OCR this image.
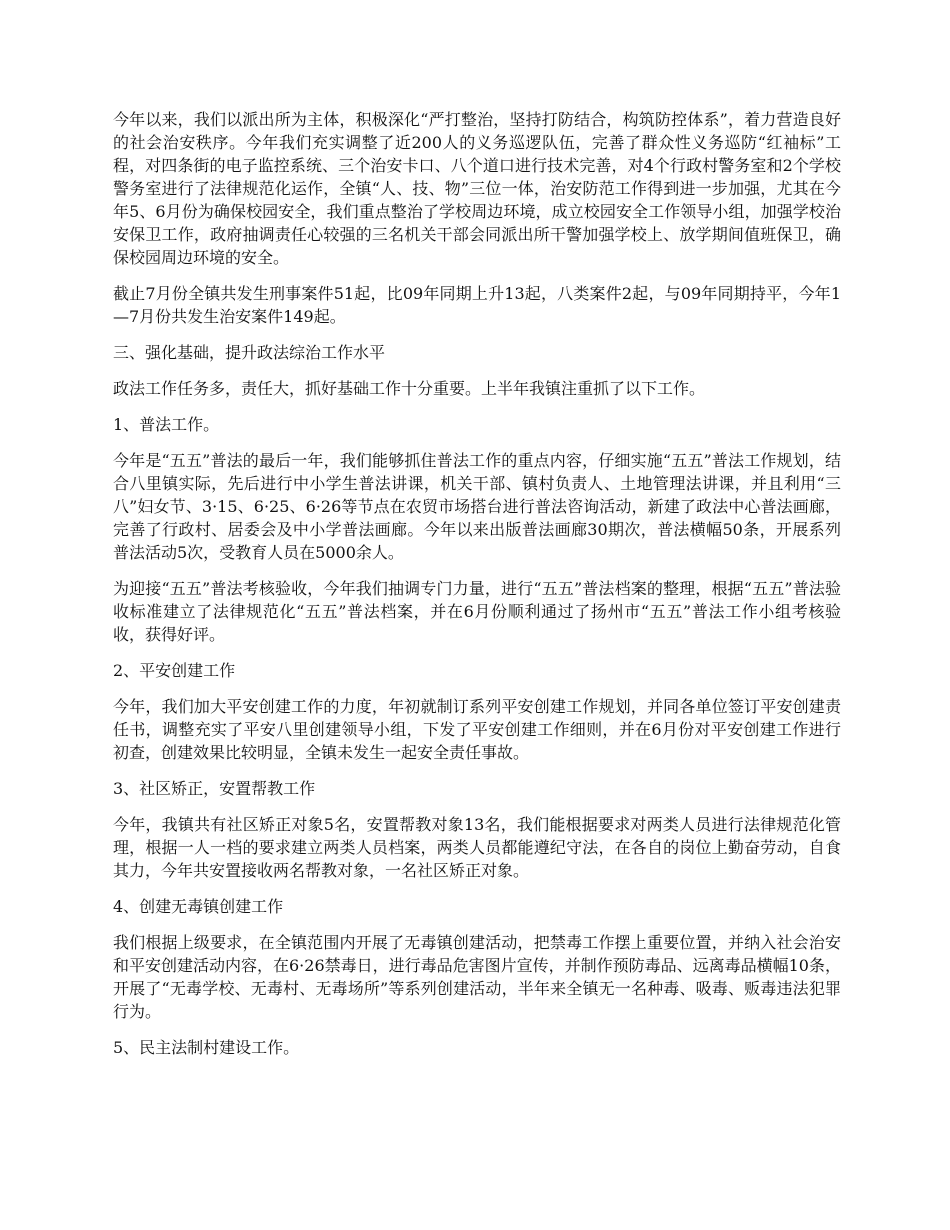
今年以来，我们以派出所为主体，积极深化“严打整治，坚持打防结合，构筑防控体系”，着力营造良好的社会治安秩序。今年我们充实调整了近200人的义务巡逻队伍，完善了群众性义务巡防“红袖标”工程，对四条街的电子监控系统、三个治安卡口、八个道口进行技术完善，对4个行政村警务室和2个学校警务室进行了法律规范化运作，全镇“人、技、物”三位一体，治安防范工作得到进一步加强，尤其在今年5、6月份为确保校园安全，我们重点整治了学校周边环境，成立校园安全工作领导小组，加强学校治安保卫工作，政府抽调责任心较强的三名机关干部会同派出所干警加强学校上、放学期间值班保卫，确保校园周边环境的安全。

截止7月份全镇共发生刑事案件51起，比09年同期上升13起，八类案件2起，与09年同期持平，今年1—7月份共发生治安案件149起。

三、强化基础，提升政法综治工作水平

政法工作任务多，责任大，抓好基础工作十分重要。上半年我镇注重抓了以下工作。

1、普法工作。

今年是“五五”普法的最后一年，我们能够抓住普法工作的重点内容，仔细实施“五五”普法工作规划，结合八里镇实际，先后进行中小学生普法讲课，机关干部、镇村负责人、土地管理法讲课，并且利用“三八”妇女节、3·15、6·25、6·26等节点在农贸市场搭台进行普法咨询活动，新建了政法中心普法画廊，完善了行政村、居委会及中小学普法画廊。今年以来出版普法画廊30期次，普法横幅50条，开展系列普法活动5次，受教育人员在5000余人。

为迎接“五五”普法考核验收，今年我们抽调专门力量，进行“五五”普法档案的整理，根据“五五”普法验收标准建立了法律规范化“五五”普法档案，并在6月份顺利通过了扬州市“五五”普法工作小组考核验收，获得好评。

2、平安创建工作

今年，我们加大平安创建工作的力度，年初就制订系列平安创建工作规划，并同各单位签订平安创建责任书，调整充实了平安八里创建领导小组，下发了平安创建工作细则，并在6月份对平安创建工作进行初查，创建效果比较明显，全镇未发生一起安全责任事故。

3、社区矫正，安置帮教工作

今年，我镇共有社区矫正对象5名，安置帮教对象13名，我们能根据要求对两类人员进行法律规范化管理，根据一人一档的要求建立两类人员档案，两类人员都能遵纪守法，在各自的岗位上勤奋劳动，自食其力，今年共安置接收两名帮教对象，一名社区矫正对象。

4、创建无毒镇创建工作

我们根据上级要求，在全镇范围内开展了无毒镇创建活动，把禁毒工作摆上重要位置，并纳入社会治安和平安创建活动内容，在6·26禁毒日，进行毒品危害图片宣传，并制作预防毒品、远离毒品横幅10条，开展了“无毒学校、无毒村、无毒场所”等系列创建活动，半年来全镇无一名种毒、吸毒、贩毒违法犯罪行为。

5、民主法制村建设工作。
